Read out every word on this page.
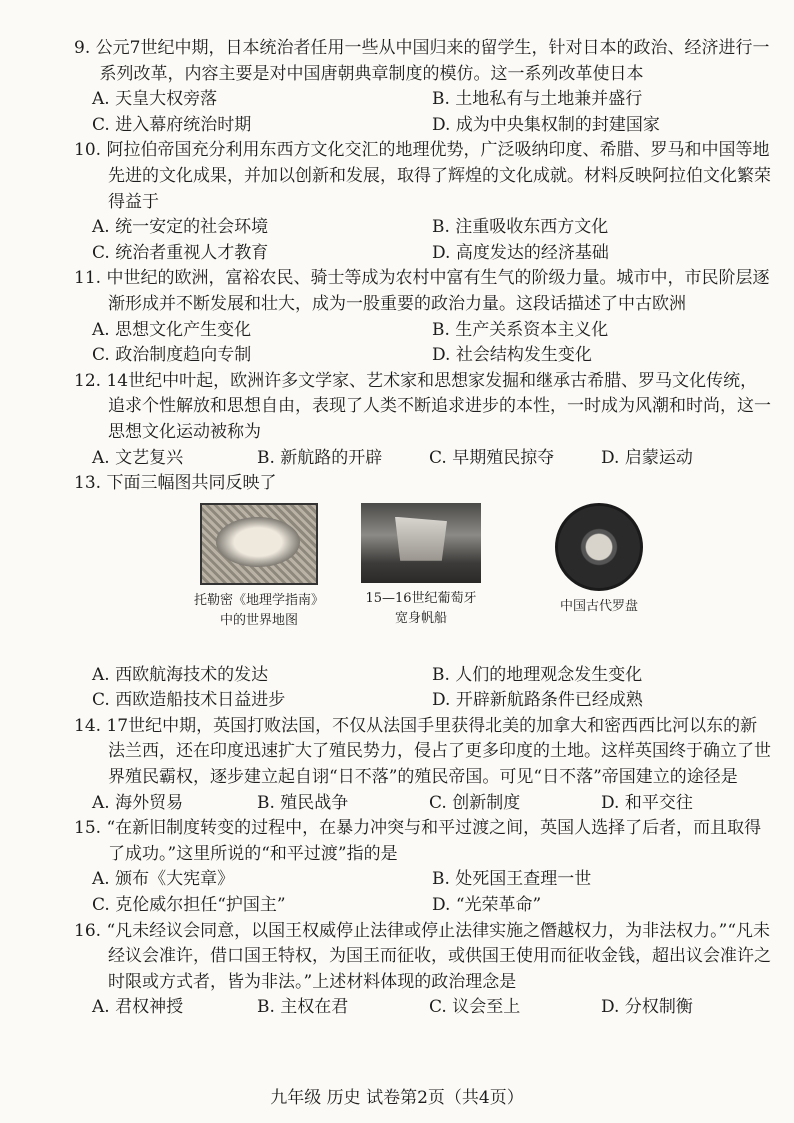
9. 公元7世纪中期，日本统治者任用一些从中国归来的留学生，针对日本的政治、经济进行一系列改革，内容主要是对中国唐朝典章制度的模仿。这一系列改革使日本

A. 天皇大权旁落	B. 土地私有与土地兼并盛行
C. 进入幕府统治时期	D. 成为中央集权制的封建国家

10. 阿拉伯帝国充分利用东西方文化交汇的地理优势，广泛吸纳印度、希腊、罗马和中国等地先进的文化成果，并加以创新和发展，取得了辉煌的文化成就。材料反映阿拉伯文化繁荣得益于

A. 统一安定的社会环境	B. 注重吸收东西方文化
C. 统治者重视人才教育	D. 高度发达的经济基础

11. 中世纪的欧洲，富裕农民、骑士等成为农村中富有生气的阶级力量。城市中，市民阶层逐渐形成并不断发展和壮大，成为一股重要的政治力量。这段话描述了中古欧洲

A. 思想文化产生变化	B. 生产关系资本主义化
C. 政治制度趋向专制	D. 社会结构发生变化

12. 14世纪中叶起，欧洲许多文学家、艺术家和思想家发掘和继承古希腊、罗马文化传统，追求个性解放和思想自由，表现了人类不断追求进步的本性，一时成为风潮和时尚，这一思想文化运动被称为

A. 文艺复兴	B. 新航路的开辟	C. 早期殖民掠夺	D. 启蒙运动

13. 下面三幅图共同反映了

托勒密《地理学指南》
中的世界地图
15—16世纪葡萄牙
宽身帆船
中国古代罗盘
A. 西欧航海技术的发达	B. 人们的地理观念发生变化
C. 西欧造船技术日益进步	D. 开辟新航路条件已经成熟

14. 17世纪中期，英国打败法国，不仅从法国手里获得北美的加拿大和密西西比河以东的新法兰西，还在印度迅速扩大了殖民势力，侵占了更多印度的土地。这样英国终于确立了世界殖民霸权，逐步建立起自诩“日不落”的殖民帝国。可见“日不落”帝国建立的途径是

A. 海外贸易	B. 殖民战争	C. 创新制度	D. 和平交往

15. “在新旧制度转变的过程中，在暴力冲突与和平过渡之间，英国人选择了后者，而且取得了成功。”这里所说的“和平过渡”指的是

A. 颁布《大宪章》	B. 处死国王查理一世
C. 克伦威尔担任“护国主”	D. “光荣革命”

16. “凡未经议会同意，以国王权威停止法律或停止法律实施之僭越权力，为非法权力。”“凡未经议会准许，借口国王特权，为国王而征收，或供国王使用而征收金钱，超出议会准许之时限或方式者，皆为非法。”上述材料体现的政治理念是

A. 君权神授	B. 主权在君	C. 议会至上	D. 分权制衡
九年级 历史 试卷第2页（共4页）
